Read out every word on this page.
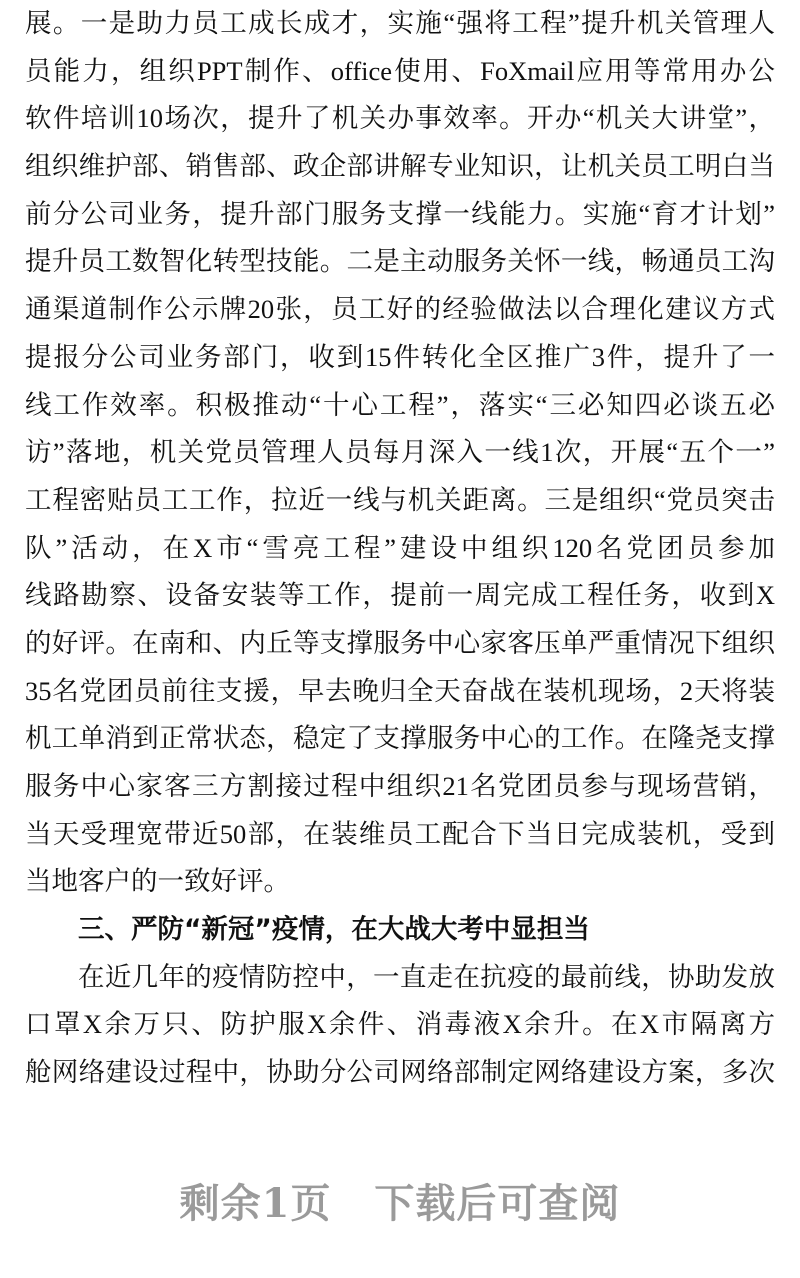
展。一是助力员工成长成才，实施“强将工程”提升机关管理人
员能力，组织PPT制作、office使用、FoXmail应用等常用办公
软件培训10场次，提升了机关办事效率。开办“机关大讲堂”，
组织维护部、销售部、政企部讲解专业知识，让机关员工明白当
前分公司业务，提升部门服务支撑一线能力。实施“育才计划”
提升员工数智化转型技能。二是主动服务关怀一线，畅通员工沟
通渠道制作公示牌20张，员工好的经验做法以合理化建议方式
提报分公司业务部门，收到15件转化全区推广3件，提升了一
线工作效率。积极推动“十心工程”，落实“三必知四必谈五必
访”落地，机关党员管理人员每月深入一线1次，开展“五个一”
工程密贴员工工作，拉近一线与机关距离。三是组织“党员突击
队”活动，在X市“雪亮工程”建设中组织120名党团员参加
线路勘察、设备安装等工作，提前一周完成工程任务，收到X
的好评。在南和、内丘等支撑服务中心家客压单严重情况下组织
35名党团员前往支援，早去晚归全天奋战在装机现场，2天将装
机工单消到正常状态，稳定了支撑服务中心的工作。在隆尧支撑
服务中心家客三方割接过程中组织21名党团员参与现场营销，
当天受理宽带近50部，在装维员工配合下当日完成装机，受到
当地客户的一致好评。
三、严防“新冠”疫情，在大战大考中显担当
在近几年的疫情防控中，一直走在抗疫的最前线，协助发放
口罩X余万只、防护服X余件、消毒液X余升。在X市隔离方
舱网络建设过程中，协助分公司网络部制定网络建设方案，多次
剩余1页 下载后可查阅
